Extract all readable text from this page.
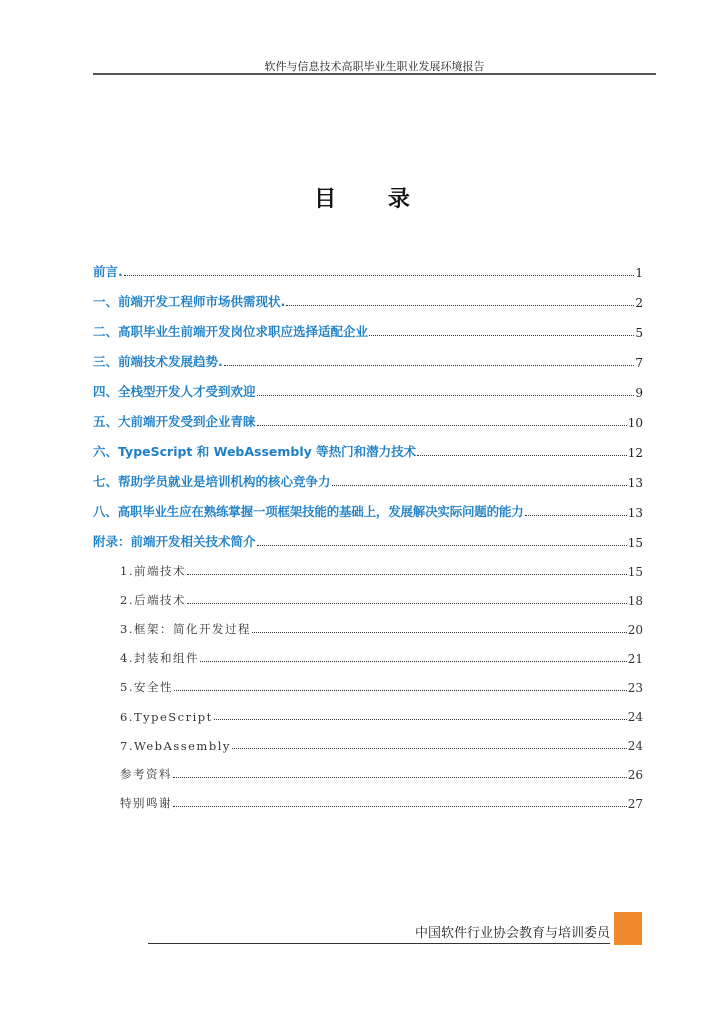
软件与信息技术高职毕业生职业发展环境报告
目 录
前言.	1
一、前端开发工程师市场供需现状.	2
二、高职毕业生前端开发岗位求职应选择适配企业	5
三、前端技术发展趋势.	7
四、全栈型开发人才受到欢迎	9
五、大前端开发受到企业青睐	10
六、TypeScript 和 WebAssembly 等热门和潜力技术	12
七、帮助学员就业是培训机构的核心竞争力	13
八、高职毕业生应在熟练掌握一项框架技能的基础上，发展解决实际问题的能力	13
附录：前端开发相关技术简介	15
1.前端技术	15
2.后端技术	18
3.框架：简化开发过程	20
4.封装和组件	21
5.安全性	23
6.TypeScript	24
7.WebAssembly	24
参考资料	26
特别鸣谢	27
中国软件行业协会教育与培训委员
